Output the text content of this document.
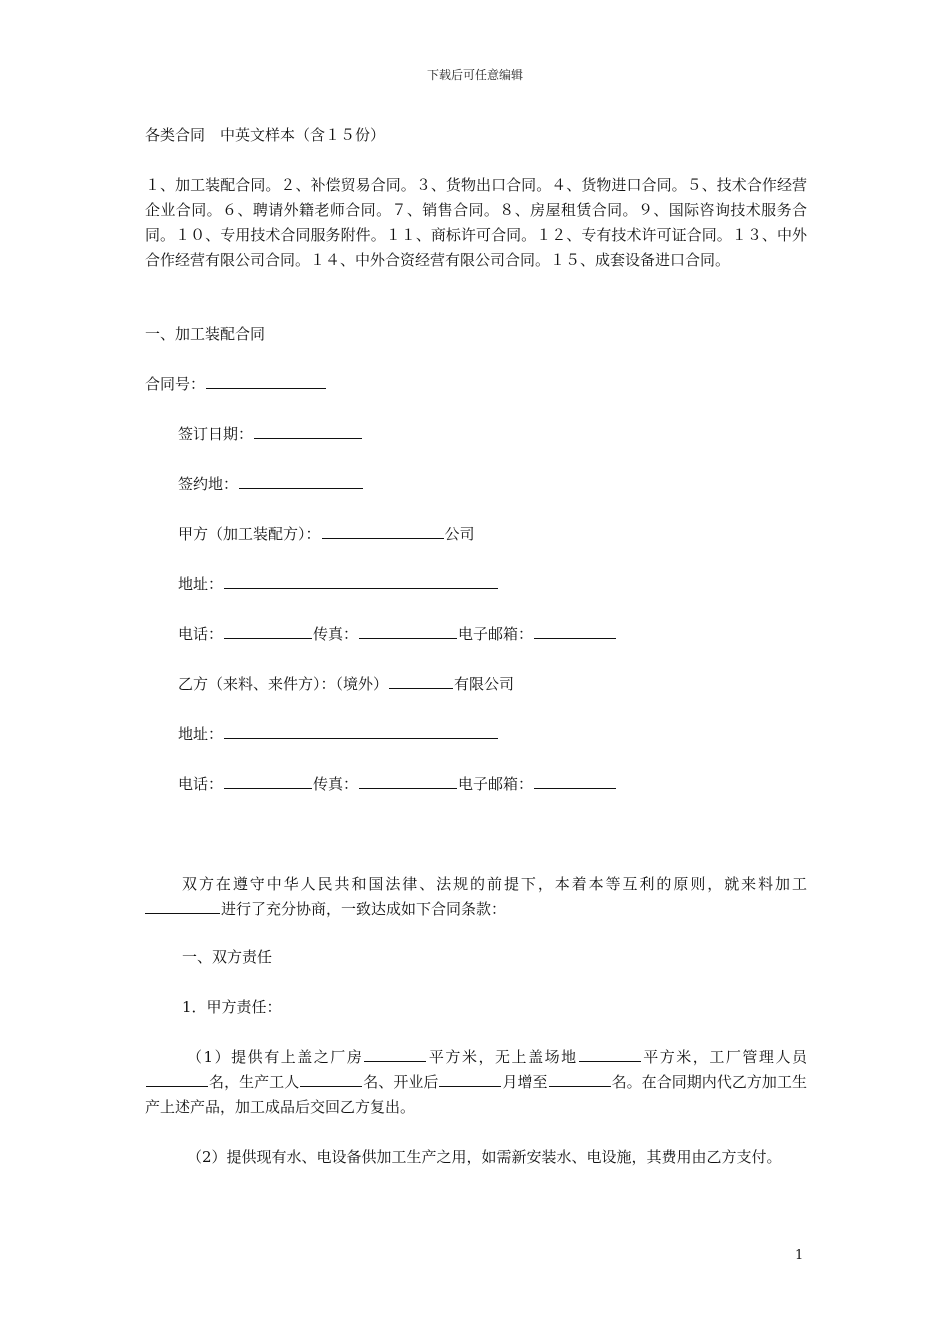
下载后可任意编辑
各类合同　中英文样本（含１５份）
１、加工装配合同。２、补偿贸易合同。３、货物出口合同。４、货物进口合同。５、技术合作经营企业合同。６、聘请外籍老师合同。７、销售合同。８、房屋租赁合同。９、国际咨询技术服务合同。１０、专用技术合同服务附件。１１、商标许可合同。１２、专有技术许可证合同。１３、中外合作经营有限公司合同。１４、中外合资经营有限公司合同。１５、成套设备进口合同。
一、加工装配合同
合同号：
签订日期：
签约地：
甲方（加工装配方）：	公司
地址：
电话：	传真：	电子邮箱：
乙方（来料、来件方）：（境外）	有限公司
地址：
电话：	传真：	电子邮箱：
双方在遵守中华人民共和国法律、法规的前提下，本着本等互利的原则，就来料加工进行了充分协商，一致达成如下合同条款：
一、双方责任
1．甲方责任：
（1）提供有上盖之厂房	平方米，无上盖场地	平方米，工厂管理人员名，生产工人	名、开业后	月增至	名。在合同期内代乙方加工生产上述产品，加工成品后交回乙方复出。
（2）提供现有水、电设备供加工生产之用，如需新安装水、电设施，其费用由乙方支付。
1
